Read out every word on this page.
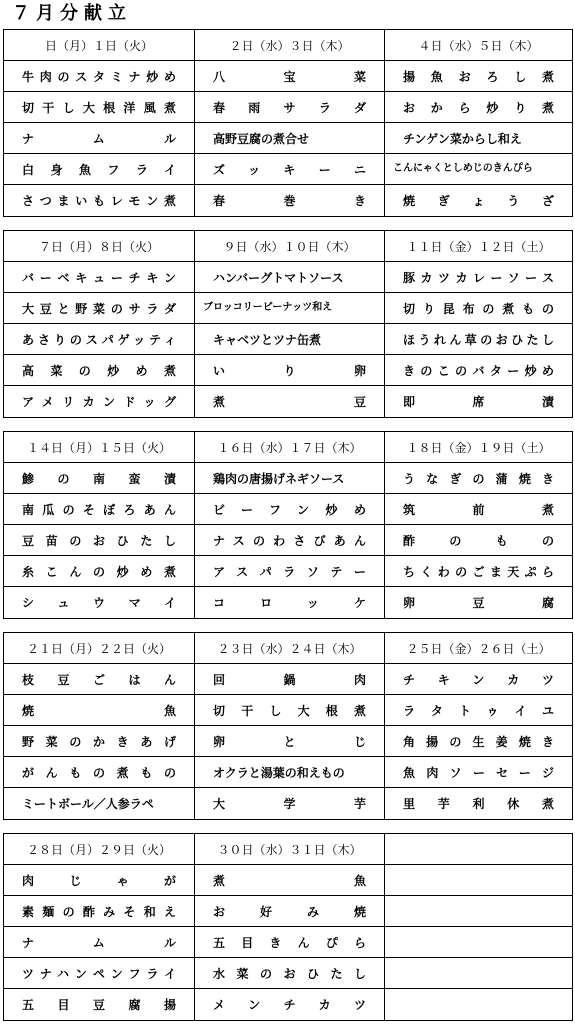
７月分献立
日（月）１日（火）	２日（水）３日（木）	４日（水）５日（木）
牛肉のスタミナ炒め	八宝菜	揚魚おろし煮
切干し大根洋風煮	春雨サラダ	おから炒り煮
ナムル	高野豆腐の煮合せ	チンゲン菜からし和え
白身魚フライ	ズッキーニ	こんにゃくとしめじのきんぴら
さつまいもレモン煮	春巻き	焼ぎょうざ
７日（月）８日（火）	９日（水）１０日（木）	１１日（金）１２日（土）
バーベキューチキン	ハンバーグトマトソース	豚カツカレーソース
大豆と野菜のサラダ	ブロッコリーピーナッツ和え	切り昆布の煮もの
あさりのスパゲッティ	キャベツとツナ缶煮	ほうれん草のおひたし
高菜の炒め煮	いり卵	きのこのバター炒め
アメリカンドッグ	煮豆	即席漬
１４日（月）１５日（火）	１６日（水）１７日（木）	１８日（金）１９日（土）
鯵の南蛮漬	鶏肉の唐揚げネギソース	うなぎの蒲焼き
南瓜のそぼろあん	ビーフン炒め	筑前煮
豆苗のおひたし	ナスのわさびあん	酢のもの
糸こんの炒め煮	アスパラソテー	ちくわのごま天ぷら
シュウマイ	コロッケ	卵豆腐
２１日（月）２２日（火）	２３日（水）２４日（木）	２５日（金）２６日（土）
枝豆ごはん	回鍋肉	チキンカツ
焼魚	切干し大根煮	ラタトゥイユ
野菜のかきあげ	卵とじ	角揚の生姜焼き
がんもの煮もの	オクラと湯葉の和えもの	魚肉ソーセージ
ミートボール／人参ラペ	大学芋	里芋利休煮
２８日（月）２９日（火）	３０日（水）３１日（木）
肉じゃが	煮魚
素麺の酢みそ和え	お好み焼
ナムル	五目きんぴら
ツナハンペンフライ	水菜のおひたし
五目豆腐揚	メンチカツ
